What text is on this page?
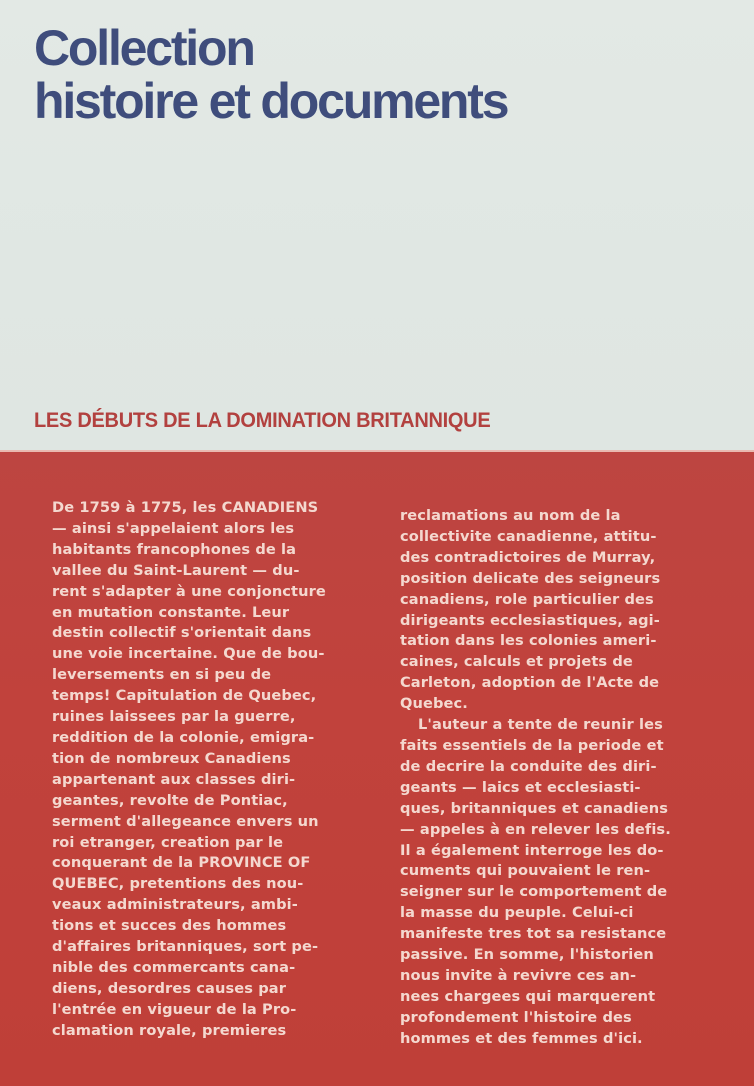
Collection
histoire et documents
LES DÉBUTS DE LA DOMINATION BRITANNIQUE
De 1759 à 1775, les CANADIENS
— ainsi s'appelaient alors les
habitants francophones de la
vallee du Saint-Laurent — du-
rent s'adapter à une conjoncture
en mutation constante. Leur
destin collectif s'orientait dans
une voie incertaine. Que de bou-
leversements en si peu de
temps! Capitulation de Quebec,
ruines laissees par la guerre,
reddition de la colonie, emigra-
tion de nombreux Canadiens
appartenant aux classes diri-
geantes, revolte de Pontiac,
serment d'allegeance envers un
roi etranger, creation par le
conquerant de la PROVINCE OF
QUEBEC, pretentions des nou-
veaux administrateurs, ambi-
tions et succes des hommes
d'affaires britanniques, sort pe-
nible des commercants cana-
diens, desordres causes par
l'entrée en vigueur de la Pro-
clamation royale, premieres
reclamations au nom de la
collectivite canadienne, attitu-
des contradictoires de Murray,
position delicate des seigneurs
canadiens, role particulier des
dirigeants ecclesiastiques, agi-
tation dans les colonies ameri-
caines, calculs et projets de
Carleton, adoption de l'Acte de
Quebec.
L'auteur a tente de reunir les
faits essentiels de la periode et
de decrire la conduite des diri-
geants — laics et ecclesiasti-
ques, britanniques et canadiens
— appeles à en relever les defis.
Il a également interroge les do-
cuments qui pouvaient le ren-
seigner sur le comportement de
la masse du peuple. Celui-ci
manifeste tres tot sa resistance
passive. En somme, l'historien
nous invite à revivre ces an-
nees chargees qui marquerent
profondement l'histoire des
hommes et des femmes d'ici.
